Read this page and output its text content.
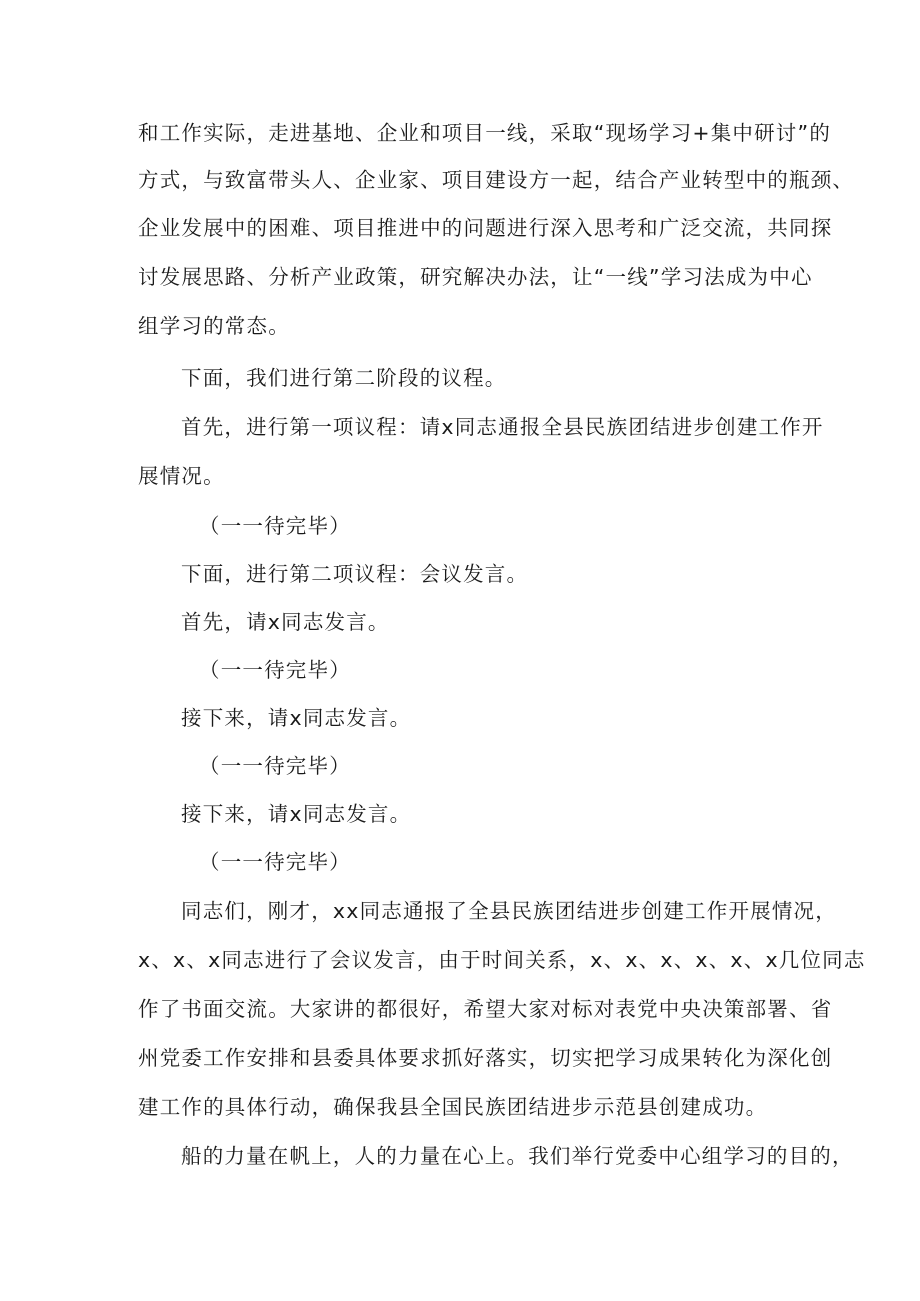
和工作实际，走进基地、企业和项目一线，采取“现场学习+集中研讨”的
方式，与致富带头人、企业家、项目建设方一起，结合产业转型中的瓶颈、
企业发展中的困难、项目推进中的问题进行深入思考和广泛交流，共同探
讨发展思路、分析产业政策，研究解决办法，让“一线”学习法成为中心
组学习的常态。
下面，我们进行第二阶段的议程。
首先，进行第一项议程：请x同志通报全县民族团结进步创建工作开
展情况。
（一一待完毕）
下面，进行第二项议程：会议发言。
首先，请x同志发言。
（一一待完毕）
接下来，请x同志发言。
（一一待完毕）
接下来，请x同志发言。
（一一待完毕）
同志们，刚才，xx同志通报了全县民族团结进步创建工作开展情况，
x、x、x同志进行了会议发言，由于时间关系，x、x、x、x、x、x几位同志
作了书面交流。大家讲的都很好，希望大家对标对表党中央决策部署、省
州党委工作安排和县委具体要求抓好落实，切实把学习成果转化为深化创
建工作的具体行动，确保我县全国民族团结进步示范县创建成功。
船的力量在帆上，人的力量在心上。我们举行党委中心组学习的目的，
